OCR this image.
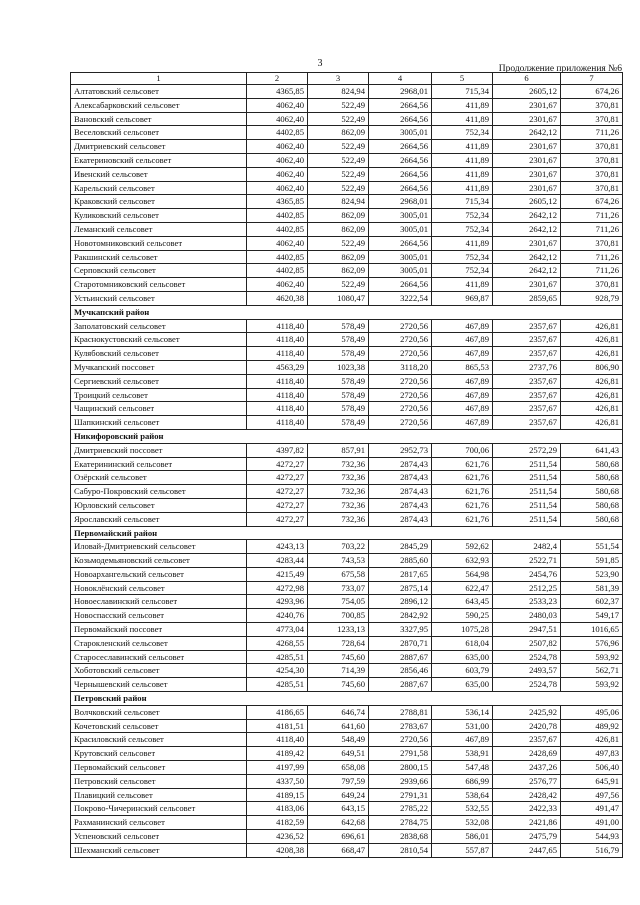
3	Продолжение приложения №6
1	2	3	4	5	6	7
Алтатовский сельсовет	4365,85	824,94	2968,01	715,34	2605,12	674,26
Алексабарковский сельсовет	4062,40	522,49	2664,56	411,89	2301,67	370,81
Вановский сельсовет	4062,40	522,49	2664,56	411,89	2301,67	370,81
Веселовский сельсовет	4402,85	862,09	3005,01	752,34	2642,12	711,26
Дмитриевский сельсовет	4062,40	522,49	2664,56	411,89	2301,67	370,81
Екатериновский сельсовет	4062,40	522,49	2664,56	411,89	2301,67	370,81
Ивенский сельсовет	4062,40	522,49	2664,56	411,89	2301,67	370,81
Карельский сельсовет	4062,40	522,49	2664,56	411,89	2301,67	370,81
Краковский сельсовет	4365,85	824,94	2968,01	715,34	2605,12	674,26
Куликовский сельсовет	4402,85	862,09	3005,01	752,34	2642,12	711,26
Леманский сельсовет	4402,85	862,09	3005,01	752,34	2642,12	711,26
Новотомниковский сельсовет	4062,40	522,49	2664,56	411,89	2301,67	370,81
Ракшинский сельсовет	4402,85	862,09	3005,01	752,34	2642,12	711,26
Серповский сельсовет	4402,85	862,09	3005,01	752,34	2642,12	711,26
Старотомниковский сельсовет	4062,40	522,49	2664,56	411,89	2301,67	370,81
Устьинский сельсовет	4620,38	1080,47	3222,54	969,87	2859,65	928,79
Мучкапский район						
Заполатовский сельсовет	4118,40	578,49	2720,56	467,89	2357,67	426,81
Краснокустовский сельсовет	4118,40	578,49	2720,56	467,89	2357,67	426,81
Кулябовский сельсовет	4118,40	578,49	2720,56	467,89	2357,67	426,81
Мучкапский поссовет	4563,29	1023,38	3118,20	865,53	2737,76	806,90
Сергиевский сельсовет	4118,40	578,49	2720,56	467,89	2357,67	426,81
Троицкий сельсовет	4118,40	578,49	2720,56	467,89	2357,67	426,81
Чащинский сельсовет	4118,40	578,49	2720,56	467,89	2357,67	426,81
Шапкинский сельсовет	4118,40	578,49	2720,56	467,89	2357,67	426,81
Никифоровский район						
Дмитриевский поссовет	4397,82	857,91	2952,73	700,06	2572,29	641,43
Екатерининский сельсовет	4272,27	732,36	2874,43	621,76	2511,54	580,68
Озёрский сельсовет	4272,27	732,36	2874,43	621,76	2511,54	580,68
Сабуро-Покровский сельсовет	4272,27	732,36	2874,43	621,76	2511,54	580,68
Юрловский сельсовет	4272,27	732,36	2874,43	621,76	2511,54	580,68
Ярославский сельсовет	4272,27	732,36	2874,43	621,76	2511,54	580,68
Первомайский район						
Иловай-Дмитриевский сельсовет	4243,13	703,22	2845,29	592,62	2482,4	551,54
Козьмодемьяновский сельсовет	4283,44	743,53	2885,60	632,93	2522,71	591,85
Новоархангельский сельсовет	4215,49	675,58	2817,65	564,98	2454,76	523,90
Новоклёнский сельсовет	4272,98	733,07	2875,14	622,47	2512,25	581,39
Новоеславинский сельсовет	4293,96	754,05	2896,12	643,45	2533,23	602,37
Новоспасский сельсовет	4240,76	700,85	2842,92	590,25	2480,03	549,17
Первомайский поссовет	4773,04	1233,13	3327,95	1075,28	2947,51	1016,65
Старокленский сельсовет	4268,55	728,64	2870,71	618,04	2507,82	576,96
Старосеславинский сельсовет	4285,51	745,60	2887,67	635,00	2524,78	593,92
Хоботовский сельсовет	4254,30	714,39	2856,46	603,79	2493,57	562,71
Чернышевский сельсовет	4285,51	745,60	2887,67	635,00	2524,78	593,92
Петровский район						
Волчковский сельсовет	4186,65	646,74	2788,81	536,14	2425,92	495,06
Кочетовский сельсовет	4181,51	641,60	2783,67	531,00	2420,78	489,92
Красиловский сельсовет	4118,40	548,49	2720,56	467,89	2357,67	426,81
Крутовский сельсовет	4189,42	649,51	2791,58	538,91	2428,69	497,83
Первомайский сельсовет	4197,99	658,08	2800,15	547,48	2437,26	506,40
Петровский сельсовет	4337,50	797,59	2939,66	686,99	2576,77	645,91
Плавицкий сельсовет	4189,15	649,24	2791,31	538,64	2428,42	497,56
Покрово-Чичеринский сельсовет	4183,06	643,15	2785,22	532,55	2422,33	491,47
Рахманинский сельсовет	4182,59	642,68	2784,75	532,08	2421,86	491,00
Успеновский сельсовет	4236,52	696,61	2838,68	586,01	2475,79	544,93
Шехманский сельсовет	4208,38	668,47	2810,54	557,87	2447,65	516,79
·
